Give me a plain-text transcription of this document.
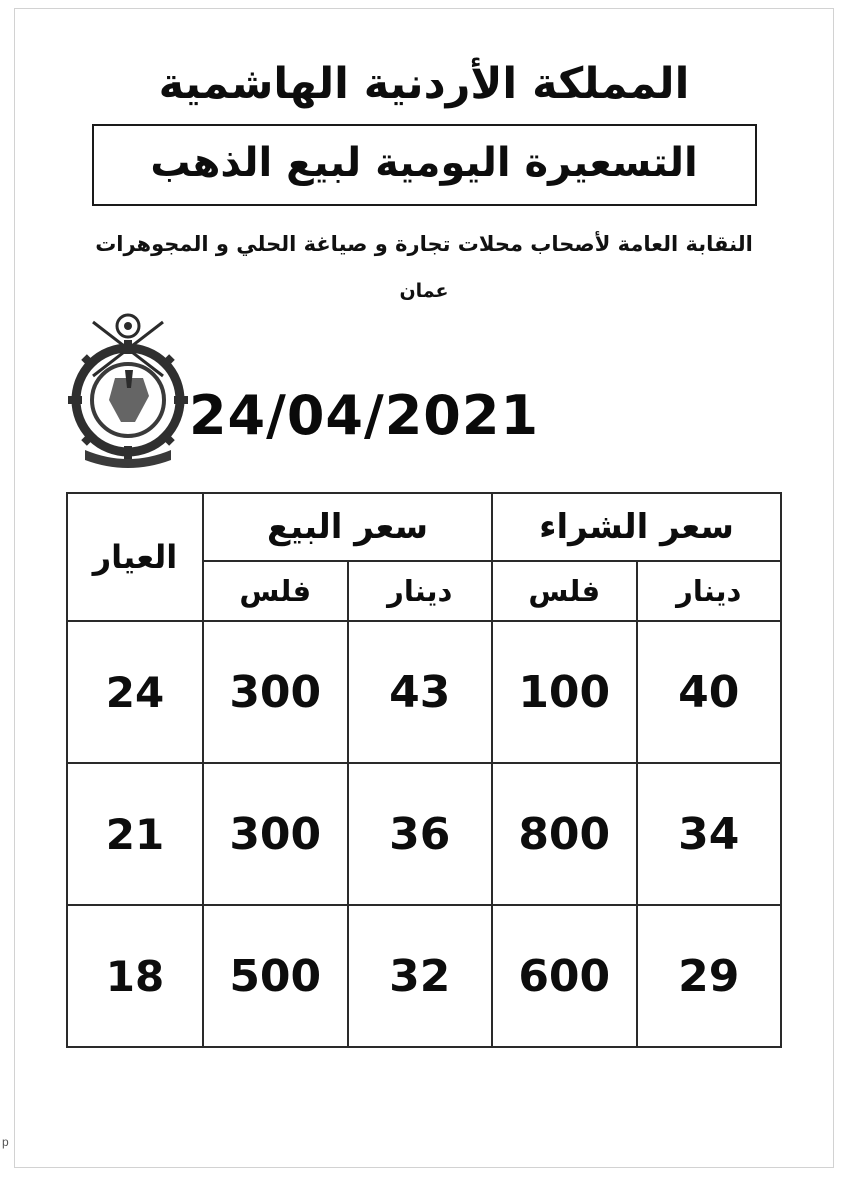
المملكة الأردنية الهاشمية
التسعيرة اليومية لبيع الذهب
النقابة العامة لأصحاب محلات تجارة و صياغة الحلي و المجوهرات
عمان
24/04/2021
سعر الشراء		سعر البيع		العيار
دينار	فلس	دينار	فلس	
40	100	43	300	24
34	800	36	300	21
29	600	32	500	18
p
